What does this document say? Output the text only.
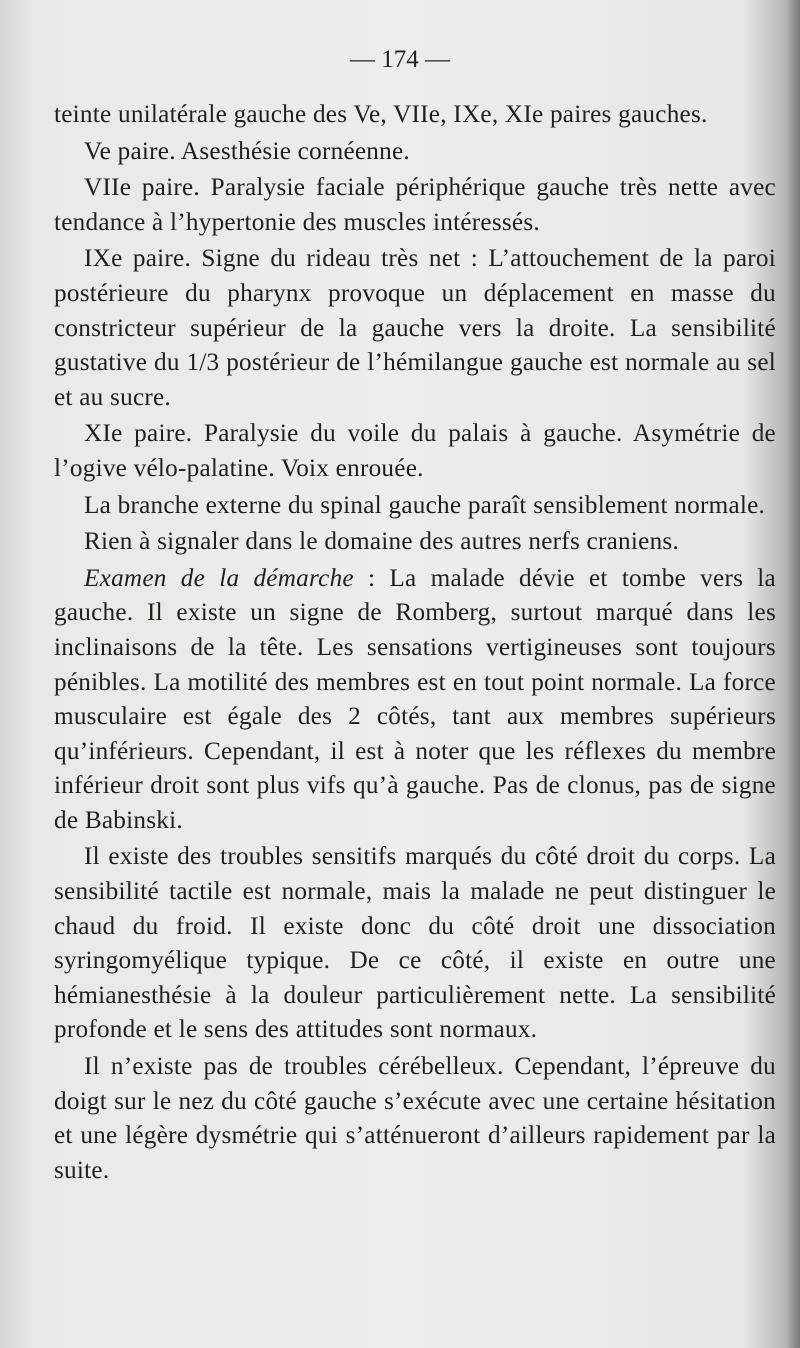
— 174 —

teinte unilatérale gauche des Ve, VIIe, IXe, XIe paires gauches.

Ve paire. Asesthésie cornéenne.

VIIe paire. Paralysie faciale périphérique gauche très nette avec tendance à l’hypertonie des muscles intéressés.

IXe paire. Signe du rideau très net : L’attouchement de la paroi postérieure du pharynx provoque un déplacement en masse du constricteur supérieur de la gauche vers la droite. La sensibilité gustative du 1/3 postérieur de l’hémilangue gauche est normale au sel et au sucre.

XIe paire. Paralysie du voile du palais à gauche. Asymétrie de l’ogive vélo-palatine. Voix enrouée.

La branche externe du spinal gauche paraît sensiblement normale.

Rien à signaler dans le domaine des autres nerfs craniens.

Examen de la démarche : La malade dévie et tombe vers la gauche. Il existe un signe de Romberg, surtout marqué dans les inclinaisons de la tête. Les sensations vertigineuses sont toujours pénibles. La motilité des membres est en tout point normale. La force musculaire est égale des 2 côtés, tant aux membres supérieurs qu’inférieurs. Cependant, il est à noter que les réflexes du membre inférieur droit sont plus vifs qu’à gauche. Pas de clonus, pas de signe de Babinski.

Il existe des troubles sensitifs marqués du côté droit du corps. La sensibilité tactile est normale, mais la malade ne peut distinguer le chaud du froid. Il existe donc du côté droit une dissociation syringomyélique typique. De ce côté, il existe en outre une hémianesthésie à la douleur particulièrement nette. La sensibilité profonde et le sens des attitudes sont normaux.

Il n’existe pas de troubles cérébelleux. Cependant, l’épreuve du doigt sur le nez du côté gauche s’exécute avec une certaine hésitation et une légère dysmétrie qui s’atténueront d’ailleurs rapidement par la suite.
